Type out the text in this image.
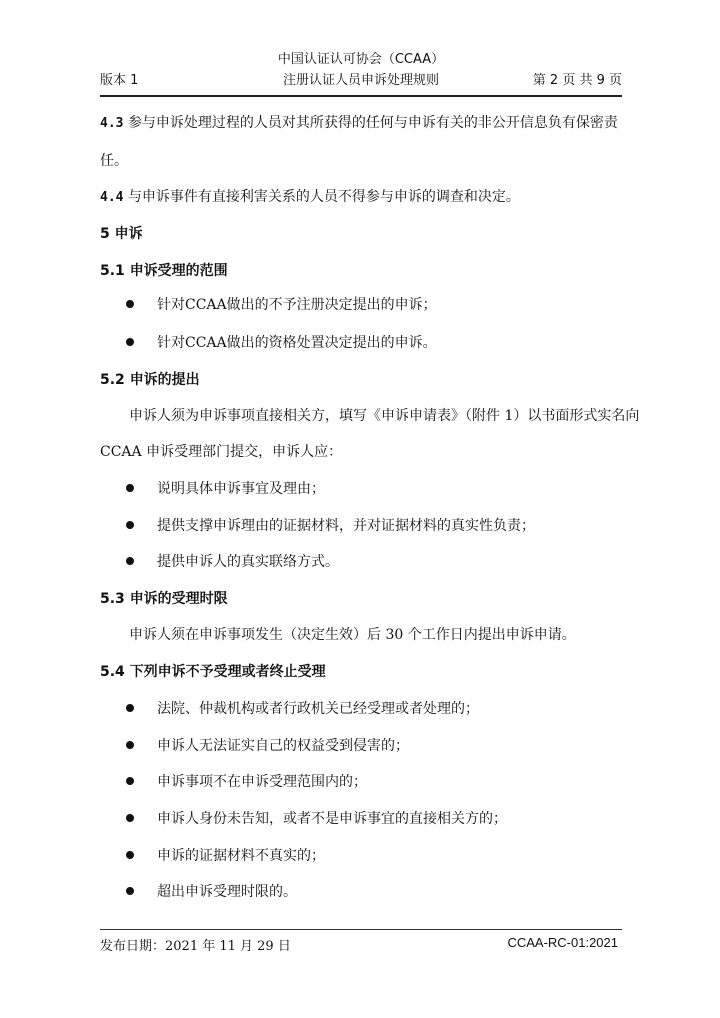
中国认证认可协会（CCAA）
版本 1	注册认证人员申诉处理规则	第 2 页 共 9 页
4.3 参与申诉处理过程的人员对其所获得的任何与申诉有关的非公开信息负有保密责
任。
4.4 与申诉事件有直接利害关系的人员不得参与申诉的调查和决定。
5 申诉
5.1 申诉受理的范围
针对CCAA做出的不予注册决定提出的申诉；
针对CCAA做出的资格处置决定提出的申诉。
5.2 申诉的提出
申诉人须为申诉事项直接相关方，填写《申诉申请表》（附件 1）以书面形式实名向
CCAA 申诉受理部门提交，申诉人应：
说明具体申诉事宜及理由；
提供支撑申诉理由的证据材料，并对证据材料的真实性负责；
提供申诉人的真实联络方式。
5.3 申诉的受理时限
申诉人须在申诉事项发生（决定生效）后 30 个工作日内提出申诉申请。
5.4 下列申诉不予受理或者终止受理
法院、仲裁机构或者行政机关已经受理或者处理的；
申诉人无法证实自己的权益受到侵害的；
申诉事项不在申诉受理范围内的；
申诉人身份未告知，或者不是申诉事宜的直接相关方的；
申诉的证据材料不真实的；
超出申诉受理时限的。
发布日期：2021 年 11 月 29 日	CCAA-RC-01:2021
